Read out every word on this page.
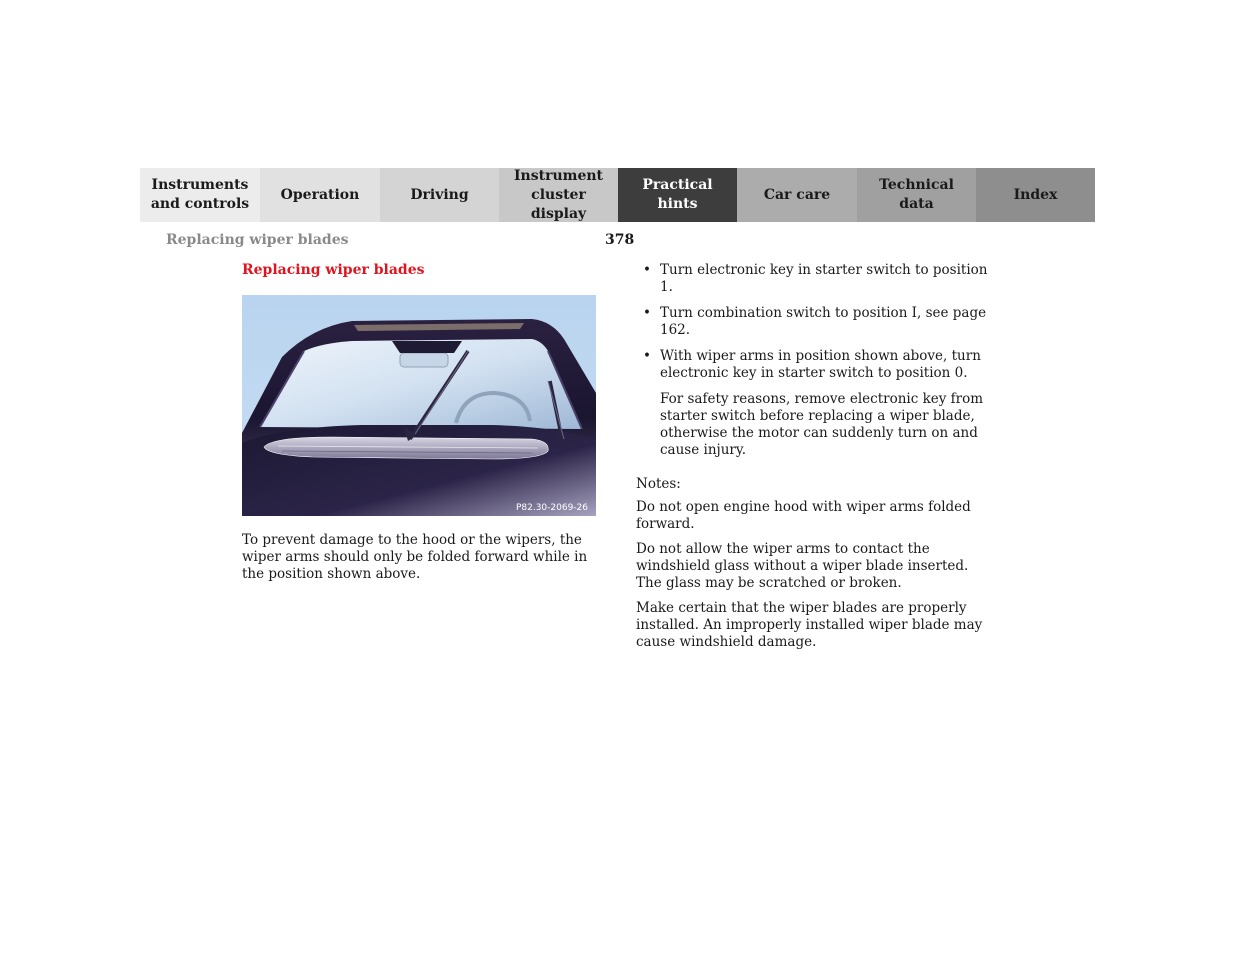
Instruments
and controls
Operation	Driving
Instrument
cluster display
Practical hints
Car care
Technical
data
Index
Replacing wiper blades	378
Replacing wiper blades
P82.30-2069-26
To prevent damage to the hood or the wipers, the wiper arms should only be folded forward while in the position shown above.
• Turn electronic key in starter switch to position 1.
• Turn combination switch to position I, see page 162.
• With wiper arms in position shown above, turn electronic key in starter switch to position 0.
For safety reasons, remove electronic key from starter switch before replacing a wiper blade, otherwise the motor can suddenly turn on and cause injury.
Notes:

Do not open engine hood with wiper arms folded forward.

Do not allow the wiper arms to contact the windshield glass without a wiper blade inserted. The glass may be scratched or broken.

Make certain that the wiper blades are properly installed. An improperly installed wiper blade may cause windshield damage.
